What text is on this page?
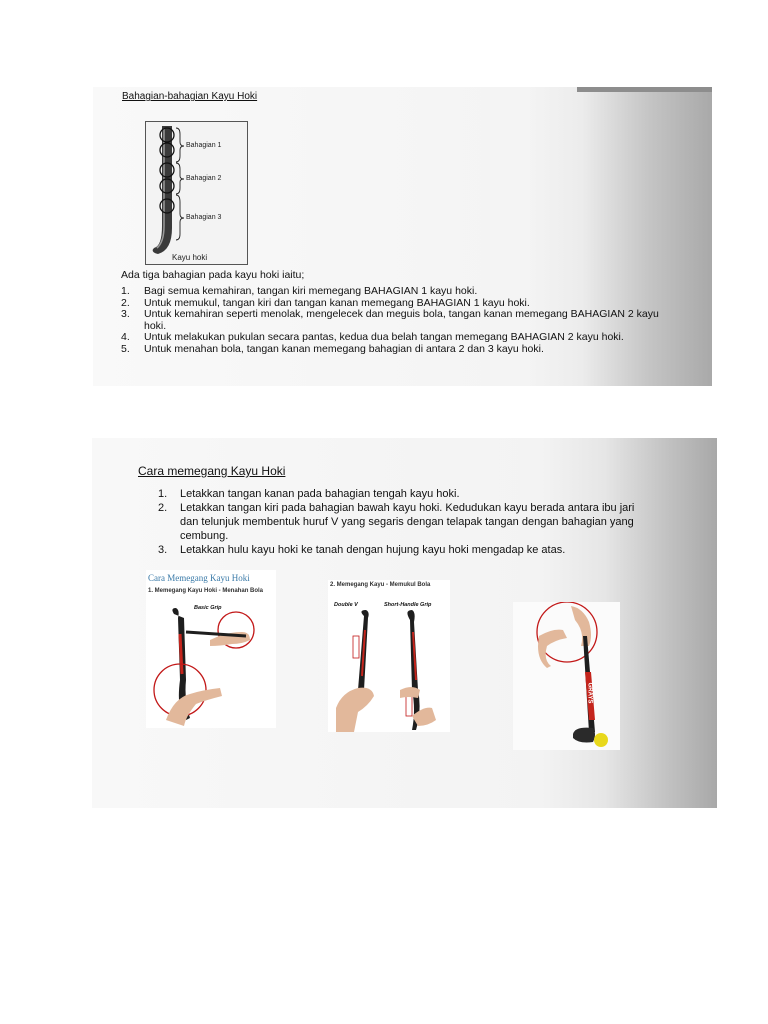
Bahagian-bahagian Kayu Hoki
Bahagian 1
Bahagian 2
Bahagian 3
Kayu hoki
Ada tiga bahagian pada kayu hoki iaitu;
1.	Bagi semua kemahiran, tangan kiri memegang BAHAGIAN 1 kayu hoki.
2.	Untuk memukul, tangan kiri dan tangan kanan memegang BAHAGIAN 1 kayu hoki.
3.	Untuk kemahiran seperti menolak, mengelecek dan meguis bola, tangan kanan memegang BAHAGIAN 2 kayu hoki.
4.	Untuk melakukan pukulan secara pantas, kedua dua belah tangan memegang BAHAGIAN 2 kayu hoki.
5.	Untuk menahan bola, tangan kanan memegang bahagian di antara 2 dan 3 kayu hoki.
Cara memegang Kayu Hoki
1.	Letakkan tangan kanan pada bahagian tengah kayu hoki.
2.	Letakkan tangan kiri pada bahagian bawah kayu hoki. Kedudukan kayu berada antara ibu jari dan telunjuk membentuk huruf V yang segaris dengan telapak tangan dengan bahagian yang cembung.
3.	Letakkan hulu kayu hoki ke tanah dengan hujung kayu hoki mengadap ke atas.
Cara Memegang Kayu Hoki
1. Memegang Kayu Hoki - Menahan Bola
Basic Grip
2. Memegang Kayu - Memukul Bola
Double V	Short-Handle Grip
GRAYS
